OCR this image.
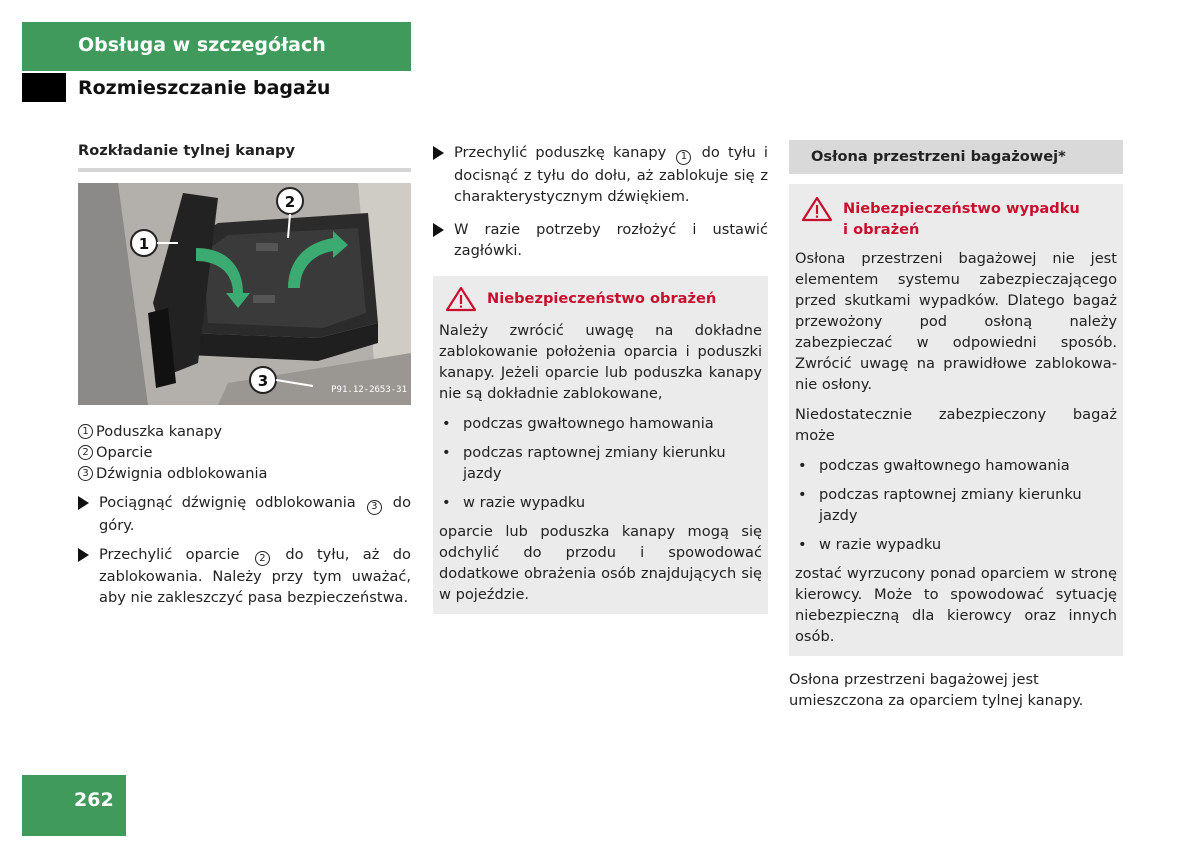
Obsługa w szczegółach
Rozmieszczanie bagażu
Rozkładanie tylnej kanapy
1
2
3	P91.12-2653-31
1 Poduszka kanapy
2 Oparcie
3 Dźwignia odblokowania
Pociągnąć dźwignię odblokowania 3 do góry.
Przechylić oparcie 2 do tyłu, aż do zablokowania. Należy przy tym uważać, aby nie zakleszczyć pasa bezpieczeństwa.
Przechylić poduszkę kanapy 1 do tyłu i docisnąć z tyłu do dołu, aż zablokuje się z charakterystycznym dźwiękiem.
W razie potrzeby rozłożyć i ustawić zagłówki.
Niebezpieczeństwo obrażeń

Należy zwrócić uwagę na dokładne zablokowanie położenia oparcia i poduszki kanapy. Jeżeli oparcie lub poduszka kanapy nie są dokładnie zablokowane,

• podczas gwałtownego hamowania
• podczas raptownej zmiany kierunku jazdy
• w razie wypadku

oparcie lub poduszka kanapy mogą się odchylić do przodu i spowodować dodatkowe obrażenia osób znajdujących się w pojeździe.

Osłona przestrzeni bagażowej*
Niebezpieczeństwo wypadku
i obrażeń

Osłona przestrzeni bagażowej nie jest elementem systemu zabezpieczającego przed skutkami wypadków. Dlatego bagaż przewożony pod osłoną należy zabezpieczać w odpowiedni sposób. Zwrócić uwagę na prawidłowe zablokowanie osłony.

Niedostatecznie zabezpieczony bagaż może

• podczas gwałtownego hamowania
• podczas raptownej zmiany kierunku jazdy
• w razie wypadku

zostać wyrzucony ponad oparciem w stronę kierowcy. Może to spowodować sytuację niebezpieczną dla kierowcy oraz innych osób.

Osłona przestrzeni bagażowej jest umieszczona za oparciem tylnej kanapy.

262
